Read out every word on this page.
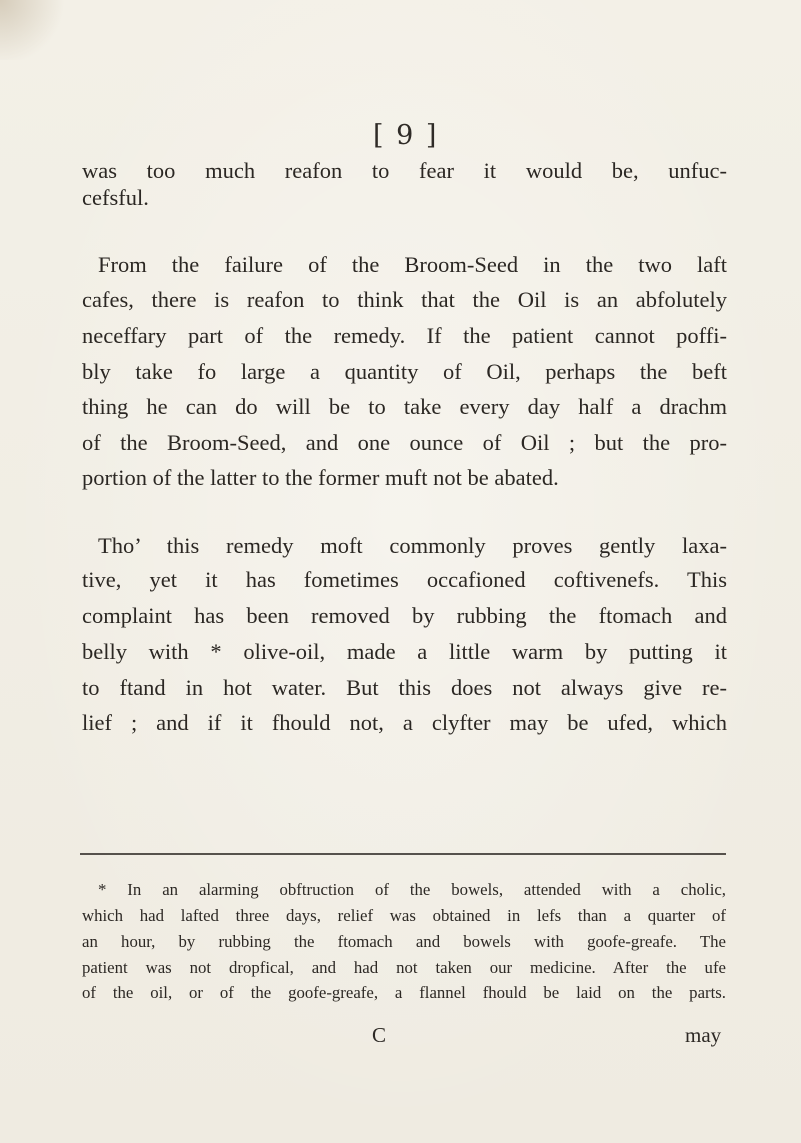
[ 9 ]
was too much reafon to fear it would be, unfuc-
cefsful.
From the failure of the Broom-Seed in the two laft
cafes, there is reafon to think that the Oil is an abfolutely
neceffary part of the remedy. If the patient cannot poffi-
bly take fo large a quantity of Oil, perhaps the beft
thing he can do will be to take every day half a drachm
of the Broom-Seed, and one ounce of Oil ; but the pro-
portion of the latter to the former muft not be abated.
Tho’ this remedy moft commonly proves gently laxa-
tive, yet it has fometimes occafioned coftivenefs. This
complaint has been removed by rubbing the ftomach and
belly with * olive-oil, made a little warm by putting it
to ftand in hot water. But this does not always give re-
lief ; and if it fhould not, a clyfter may be ufed, which
* In an alarming obftruction of the bowels, attended with a cholic,
which had lafted three days, relief was obtained in lefs than a quarter of
an hour, by rubbing the ftomach and bowels with goofe-greafe. The
patient was not dropfical, and had not taken our medicine. After the ufe
of the oil, or of the goofe-greafe, a flannel fhould be laid on the parts.
C	may
